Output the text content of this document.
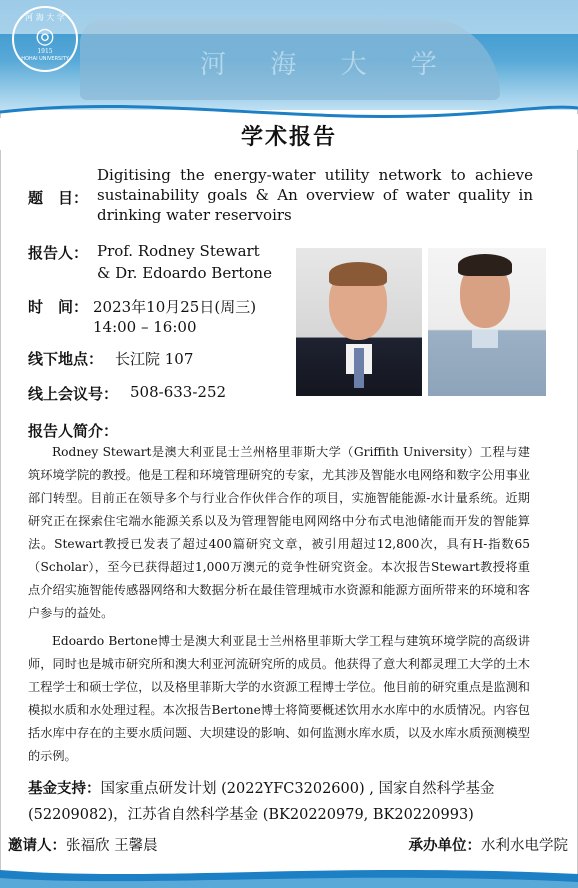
河 海 大 学
河 海 大 学
◎
1915
HOHAI UNIVERSITY
学术报告
题　目：
Digitising the energy-water utility network to achieve sustainability goals & An overview of water quality in drinking water reservoirs
报告人： Prof. Rodney Stewart
& Dr. Edoardo Bertone
时　间： 2023年10月25日(周三)
14:00 – 16:00
线下地点： 长江院 107
线上会议号： 508-633-252
报告人简介：
Rodney Stewart是澳大利亚昆士兰州格里菲斯大学（Griffith University）工程与建筑环境学院的教授。他是工程和环境管理研究的专家，尤其涉及智能水电网络和数字公用事业部门转型。目前正在领导多个与行业合作伙伴合作的项目，实施智能能源-水计量系统。近期研究正在探索住宅端水能源关系以及为管理智能电网网络中分布式电池储能而开发的智能算法。Stewart教授已发表了超过400篇研究文章，被引用超过12,800次，具有H-指数65（Scholar），至今已获得超过1,000万澳元的竞争性研究资金。本次报告Stewart教授将重点介绍实施智能传感器网络和大数据分析在最佳管理城市水资源和能源方面所带来的环境和客户参与的益处。
Edoardo Bertone博士是澳大利亚昆士兰州格里菲斯大学工程与建筑环境学院的高级讲师，同时也是城市研究所和澳大利亚河流研究所的成员。他获得了意大利都灵理工大学的土木工程学士和硕士学位，以及格里菲斯大学的水资源工程博士学位。他目前的研究重点是监测和模拟水质和水处理过程。本次报告Bertone博士将简要概述饮用水水库中的水质情况。内容包括水库中存在的主要水质问题、大坝建设的影响、如何监测水库水质，以及水库水质预测模型的示例。
基金支持：国家重点研发计划 (2022YFC3202600) , 国家自然科学基金 (52209082)，江苏省自然科学基金 (BK20220979, BK20220993)
邀请人：张福欣 王馨晨	承办单位：水利水电学院
